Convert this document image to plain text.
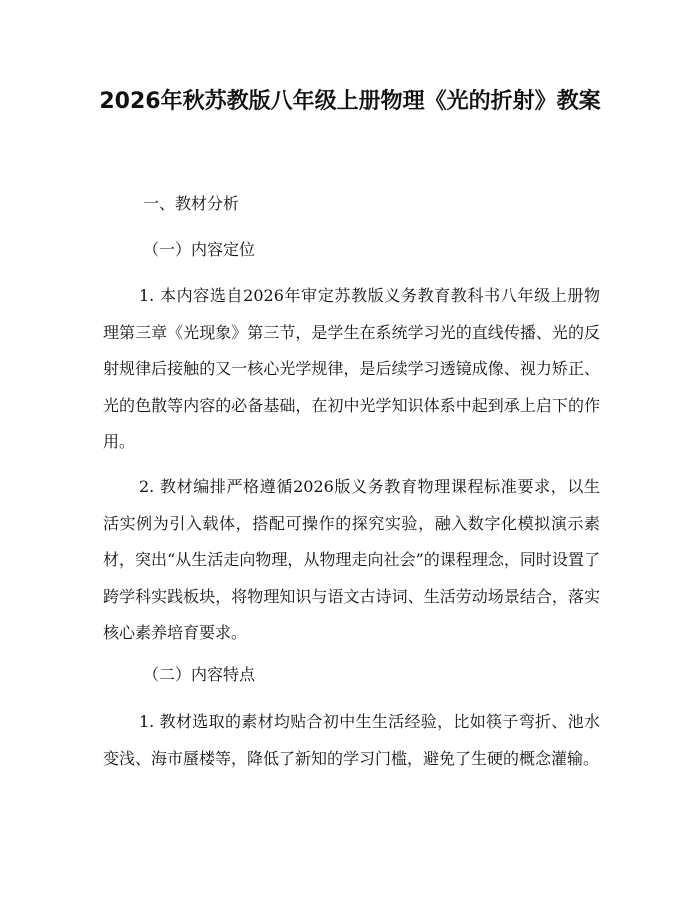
2026年秋苏教版八年级上册物理《光的折射》教案

一、教材分析

（一）内容定位

1. 本内容选自2026年审定苏教版义务教育教科书八年级上册物理第三章《光现象》第三节，是学生在系统学习光的直线传播、光的反射规律后接触的又一核心光学规律，是后续学习透镜成像、视力矫正、光的色散等内容的必备基础，在初中光学知识体系中起到承上启下的作用。

2. 教材编排严格遵循2026版义务教育物理课程标准要求，以生活实例为引入载体，搭配可操作的探究实验，融入数字化模拟演示素材，突出“从生活走向物理，从物理走向社会”的课程理念，同时设置了跨学科实践板块，将物理知识与语文古诗词、生活劳动场景结合，落实核心素养培育要求。

（二）内容特点

1. 教材选取的素材均贴合初中生生活经验，比如筷子弯折、池水变浅、海市蜃楼等，降低了新知的学习门槛，避免了生硬的概念灌输。
